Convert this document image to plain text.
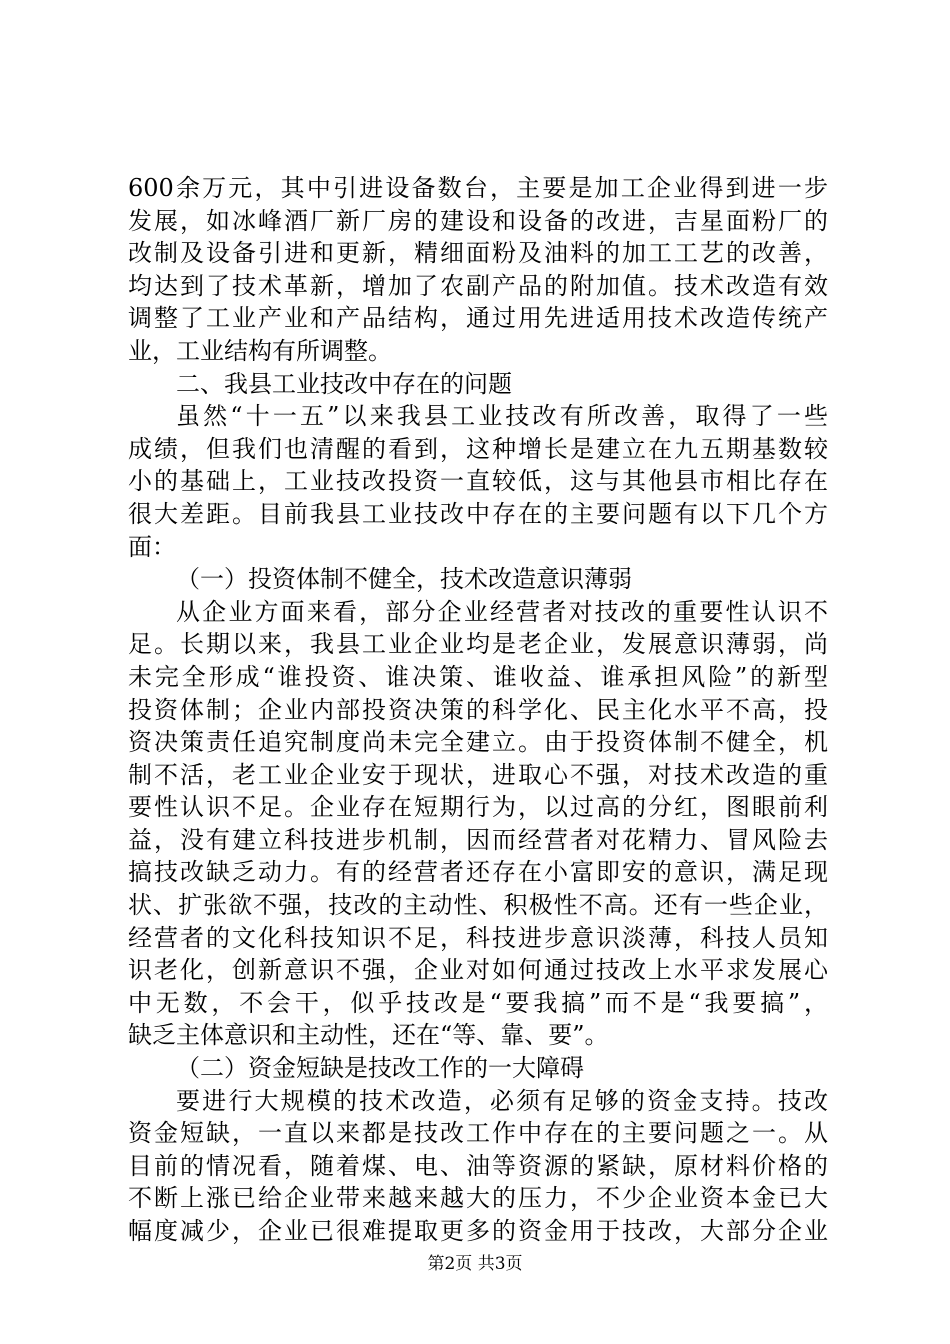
600余万元，其中引进设备数台，主要是加工企业得到进一步
发展，如冰峰酒厂新厂房的建设和设备的改进，吉星面粉厂的
改制及设备引进和更新，精细面粉及油料的加工工艺的改善，
均达到了技术革新，增加了农副产品的附加值。技术改造有效
调整了工业产业和产品结构，通过用先进适用技术改造传统产
业，工业结构有所调整。
二、我县工业技改中存在的问题
虽然“十一五”以来我县工业技改有所改善，取得了一些
成绩，但我们也清醒的看到，这种增长是建立在九五期基数较
小的基础上，工业技改投资一直较低，这与其他县市相比存在
很大差距。目前我县工业技改中存在的主要问题有以下几个方
面：
（一）投资体制不健全，技术改造意识薄弱
从企业方面来看，部分企业经营者对技改的重要性认识不
足。长期以来，我县工业企业均是老企业，发展意识薄弱，尚
未完全形成“谁投资、谁决策、谁收益、谁承担风险”的新型
投资体制；企业内部投资决策的科学化、民主化水平不高，投
资决策责任追究制度尚未完全建立。由于投资体制不健全，机
制不活，老工业企业安于现状，进取心不强，对技术改造的重
要性认识不足。企业存在短期行为，以过高的分红，图眼前利
益，没有建立科技进步机制，因而经营者对花精力、冒风险去
搞技改缺乏动力。有的经营者还存在小富即安的意识，满足现
状、扩张欲不强，技改的主动性、积极性不高。还有一些企业，
经营者的文化科技知识不足，科技进步意识淡薄，科技人员知
识老化，创新意识不强，企业对如何通过技改上水平求发展心
中无数，不会干，似乎技改是“要我搞”而不是“我要搞”，
缺乏主体意识和主动性，还在“等、靠、要”。
（二）资金短缺是技改工作的一大障碍
要进行大规模的技术改造，必须有足够的资金支持。技改
资金短缺，一直以来都是技改工作中存在的主要问题之一。从
目前的情况看，随着煤、电、油等资源的紧缺，原材料价格的
不断上涨已给企业带来越来越大的压力，不少企业资本金已大
幅度减少，企业已很难提取更多的资金用于技改，大部分企业
第2页 共3页
